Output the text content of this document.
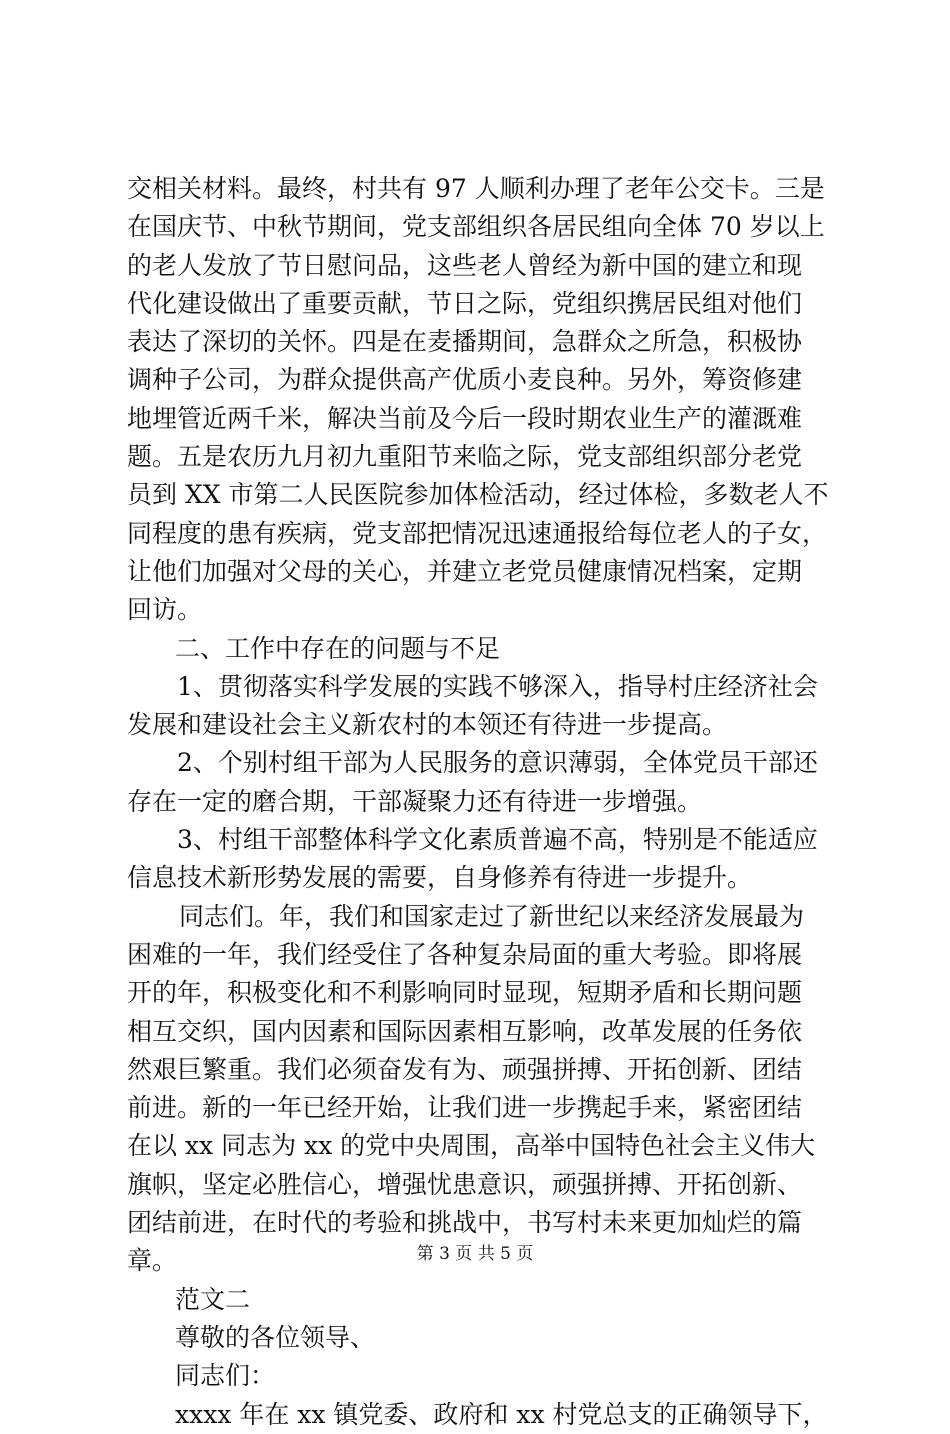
交相关材料。最终，村共有 97 人顺利办理了老年公交卡。三是
在国庆节、中秋节期间，党支部组织各居民组向全体 70 岁以上
的老人发放了节日慰问品，这些老人曾经为新中国的建立和现
代化建设做出了重要贡献，节日之际，党组织携居民组对他们
表达了深切的关怀。四是在麦播期间，急群众之所急，积极协
调种子公司，为群众提供高产优质小麦良种。另外，筹资修建
地埋管近两千米，解决当前及今后一段时期农业生产的灌溉难
题。五是农历九月初九重阳节来临之际，党支部组织部分老党
员到 XX 市第二人民医院参加体检活动，经过体检，多数老人不
同程度的患有疾病，党支部把情况迅速通报给每位老人的子女，
让他们加强对父母的关心，并建立老党员健康情况档案，定期
回访。
二、工作中存在的问题与不足
1、贯彻落实科学发展的实践不够深入，指导村庄经济社会
发展和建设社会主义新农村的本领还有待进一步提高。
2、个别村组干部为人民服务的意识薄弱，全体党员干部还
存在一定的磨合期，干部凝聚力还有待进一步增强。
3、村组干部整体科学文化素质普遍不高，特别是不能适应
信息技术新形势发展的需要，自身修养有待进一步提升。
同志们。年，我们和国家走过了新世纪以来经济发展最为
困难的一年，我们经受住了各种复杂局面的重大考验。即将展
开的年，积极变化和不利影响同时显现，短期矛盾和长期问题
相互交织，国内因素和国际因素相互影响，改革发展的任务依
然艰巨繁重。我们必须奋发有为、顽强拼搏、开拓创新、团结
前进。新的一年已经开始，让我们进一步携起手来，紧密团结
在以 xx 同志为 xx 的党中央周围，高举中国特色社会主义伟大
旗帜，坚定必胜信心，增强忧患意识，顽强拼搏、开拓创新、
团结前进，在时代的考验和挑战中，书写村未来更加灿烂的篇
章。
范文二
尊敬的各位领导、
同志们：
xxxx 年在 xx 镇党委、政府和 xx 村党总支的正确领导下，
第 3 页 共 5 页
